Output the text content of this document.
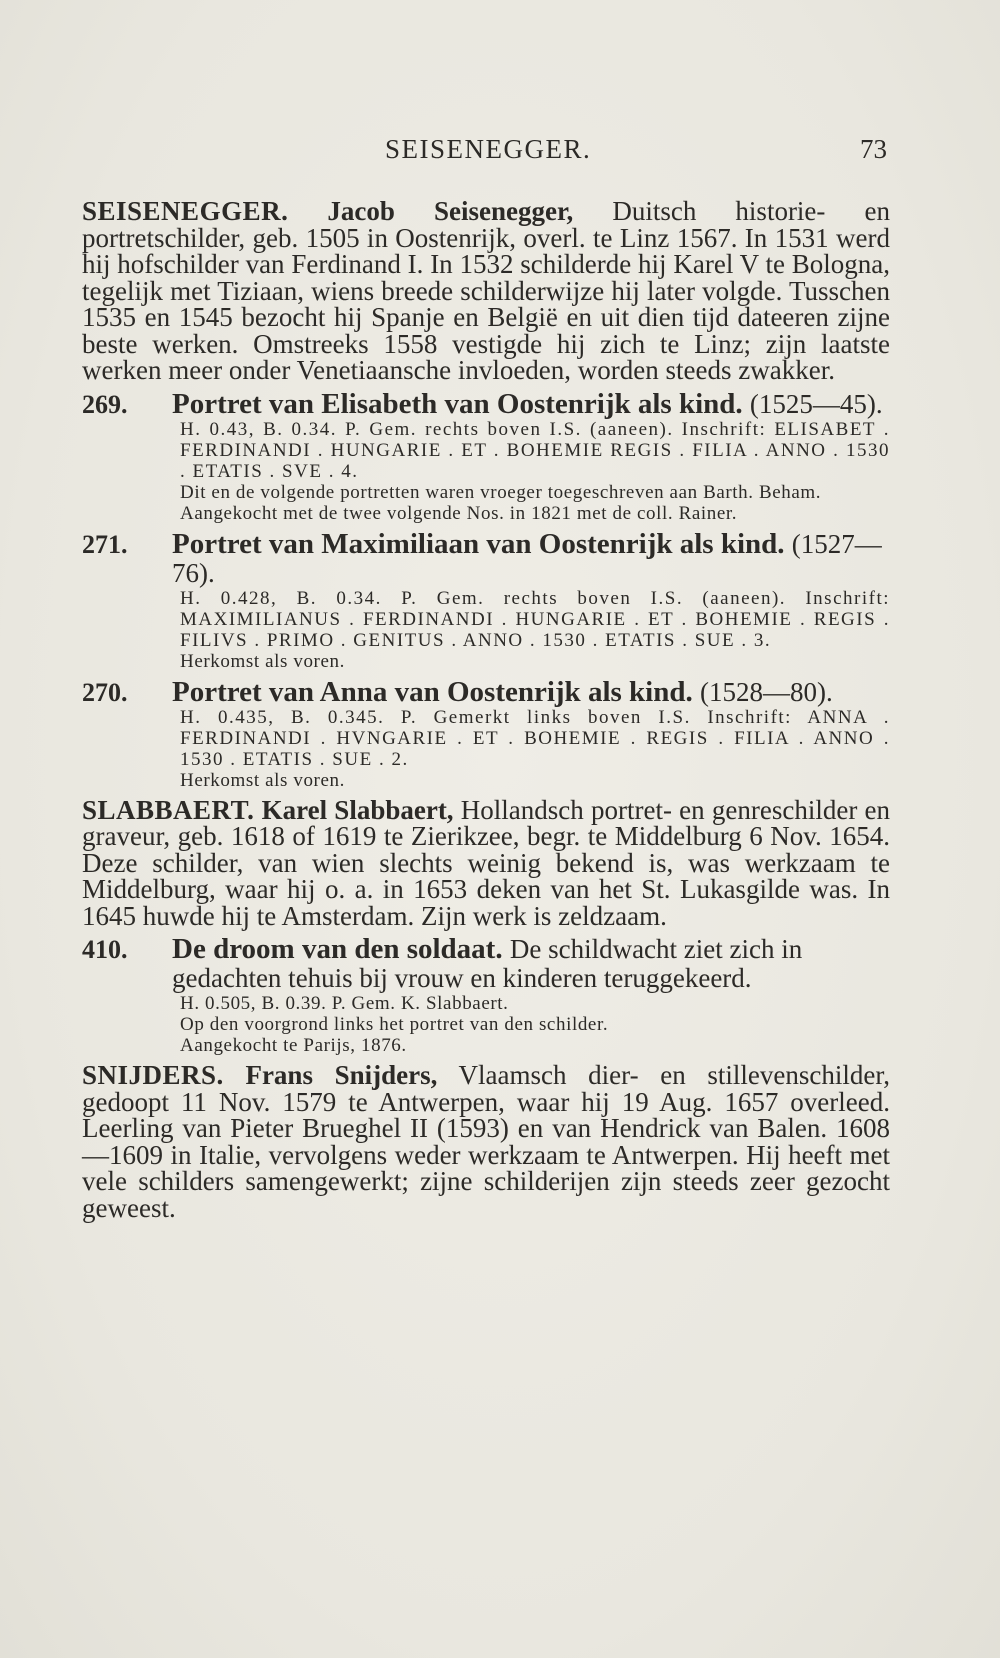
SEISENEGGER.	73

SEISENEGGER. Jacob Seisenegger, Duitsch historie- en portretschilder, geb. 1505 in Oostenrijk, overl. te Linz 1567. In 1531 werd hij hofschilder van Ferdinand I. In 1532 schilderde hij Karel V te Bologna, tegelijk met Tiziaan, wiens breede schilderwijze hij later volgde. Tusschen 1535 en 1545 bezocht hij Spanje en België en uit dien tijd dateeren zijne beste werken. Omstreeks 1558 vestigde hij zich te Linz; zijn laatste werken meer onder Venetiaansche invloeden, worden steeds zwakker.

269. Portret van Elisabeth van Oostenrijk als kind. (1525—45).

H. 0.43, B. 0.34. P. Gem. rechts boven I.S. (aaneen). Inschrift: ELISABET . FERDINANDI . HUNGARIE . ET . BOHEMIE REGIS . FILIA . ANNO . 1530 . ETATIS . SVE . 4.

Dit en de volgende portretten waren vroeger toegeschreven aan Barth. Beham.

Aangekocht met de twee volgende Nos. in 1821 met de coll. Rainer.

271. Portret van Maximiliaan van Oostenrijk als kind. (1527—76).

H. 0.428, B. 0.34. P. Gem. rechts boven I.S. (aaneen). Inschrift: MAXIMILIANUS . FERDINANDI . HUNGARIE . ET . BOHEMIE . REGIS . FILIVS . PRIMO . GENITUS . ANNO . 1530 . ETATIS . SUE . 3.

Herkomst als voren.

270. Portret van Anna van Oostenrijk als kind. (1528—80).

H. 0.435, B. 0.345. P. Gemerkt links boven I.S. Inschrift: ANNA . FERDINANDI . HVNGARIE . ET . BOHEMIE . REGIS . FILIA . ANNO . 1530 . ETATIS . SUE . 2.

Herkomst als voren.

SLABBAERT. Karel Slabbaert, Hollandsch portret- en genreschilder en graveur, geb. 1618 of 1619 te Zierikzee, begr. te Middelburg 6 Nov. 1654. Deze schilder, van wien slechts weinig bekend is, was werkzaam te Middelburg, waar hij o. a. in 1653 deken van het St. Lukasgilde was. In 1645 huwde hij te Amsterdam. Zijn werk is zeldzaam.

410. De droom van den soldaat. De schildwacht ziet zich in gedachten tehuis bij vrouw en kinderen teruggekeerd.

H. 0.505, B. 0.39. P. Gem. K. Slabbaert.

Op den voorgrond links het portret van den schilder.

Aangekocht te Parijs, 1876.

SNIJDERS. Frans Snijders, Vlaamsch dier- en stillevenschilder, gedoopt 11 Nov. 1579 te Antwerpen, waar hij 19 Aug. 1657 overleed. Leerling van Pieter Brueghel II (1593) en van Hendrick van Balen. 1608—1609 in Italie, vervolgens weder werkzaam te Antwerpen. Hij heeft met vele schilders samengewerkt; zijne schilderijen zijn steeds zeer gezocht geweest.
